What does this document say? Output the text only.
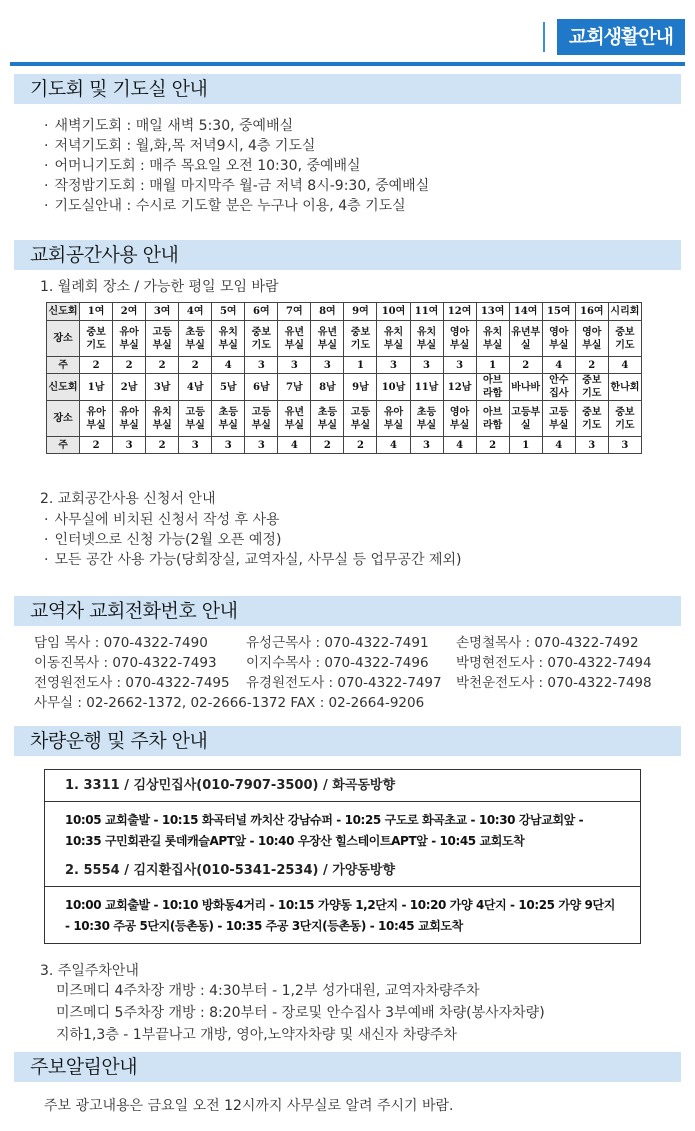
교회생활안내
기도회 및 기도실 안내
· 새벽기도회 : 매일 새벽 5:30, 중예배실
· 저녁기도회 : 월,화,목 저녁9시, 4층 기도실
· 어머니기도회 : 매주 목요일 오전 10:30, 중예배실
· 작정밤기도회 : 매월 마지막주 월-금 저녁 8시-9:30, 중예배실
· 기도실안내 : 수시로 기도할 분은 누구나 이용, 4층 기도실
교회공간사용 안내
1. 월례회 장소 / 가능한 평일 모임 바람
신도회	1여	2여	3여	4여	5여	6여	7여	8여	9여	10여	11여	12여	13여	14여	15여	16여	시리회
장소	중보 기도	유아 부실	고등 부실	초등 부실	유치 부실	중보 기도	유년 부실	유년 부실	중보 기도	유치 부실	유치 부실	영아 부실	유치 부실	유년부 실	영아 부실	영아 부실	중보 기도
주	2	2	2	2	4	3	3	3	1	3	3	3	1	2	4	2	4
신도회	1남	2남	3남	4남	5남	6남	7남	8남	9남	10남	11남	12남	아브 라함	바나바	안수 집사	중보 기도	한나회
장소	유아 부실	유아 부실	유치 부실	고등 부실	초등 부실	고등 부실	유년 부실	초등 부실	고등 부실	유아 부실	초등 부실	영아 부실	아브 라함	고등부 실	고등 부실	중보 기도	중보 기도
주	2	3	2	3	3	3	4	2	2	4	3	4	2	1	4	3	3
2. 교회공간사용 신청서 안내
· 사무실에 비치된 신청서 작성 후 사용
· 인터넷으로 신청 가능(2월 오픈 예정)
· 모든 공간 사용 가능(당회장실, 교역자실, 사무실 등 업무공간 제외)
교역자 교회전화번호 안내
담임 목사 : 070-4322-7490	유성근목사 : 070-4322-7491	손명철목사 : 070-4322-7492
이동진목사 : 070-4322-7493	이지수목사 : 070-4322-7496	박명현전도사 : 070-4322-7494
전영원전도사 : 070-4322-7495	유경원전도사 : 070-4322-7497	박천운전도사 : 070-4322-7498
사무실 : 02-2662-1372, 02-2666-1372 FAX : 02-2664-9206
차량운행 및 주차 안내
1. 3311 / 김상민집사(010-7907-3500) / 화곡동방향
10:05 교회출발 - 10:15 화곡터널 까치산 강남슈퍼 - 10:25 구도로 화곡초교 - 10:30 강남교회앞 - 10:35 구민회관길 롯데캐슬APT앞 - 10:40 우장산 힐스테이트APT앞 - 10:45 교회도착
2. 5554 / 김지환집사(010-5341-2534) / 가양동방향
10:00 교회출발 - 10:10 방화동4거리 - 10:15 가양동 1,2단지 - 10:20 가양 4단지 - 10:25 가양 9단지 - 10:30 주공 5단지(등촌동) - 10:35 주공 3단지(등촌동) - 10:45 교회도착
3. 주일주차안내
미즈메디 4주차장 개방 : 4:30부터 - 1,2부 성가대원, 교역자차량주차
미즈메디 5주차장 개방 : 8:20부터 - 장로및 안수집사 3부예배 차량(봉사자차량)
지하1,3층 - 1부끝나고 개방, 영아,노약자차량 및 새신자 차량주차
주보알림안내
주보 광고내용은 금요일 오전 12시까지 사무실로 알려 주시기 바람.
